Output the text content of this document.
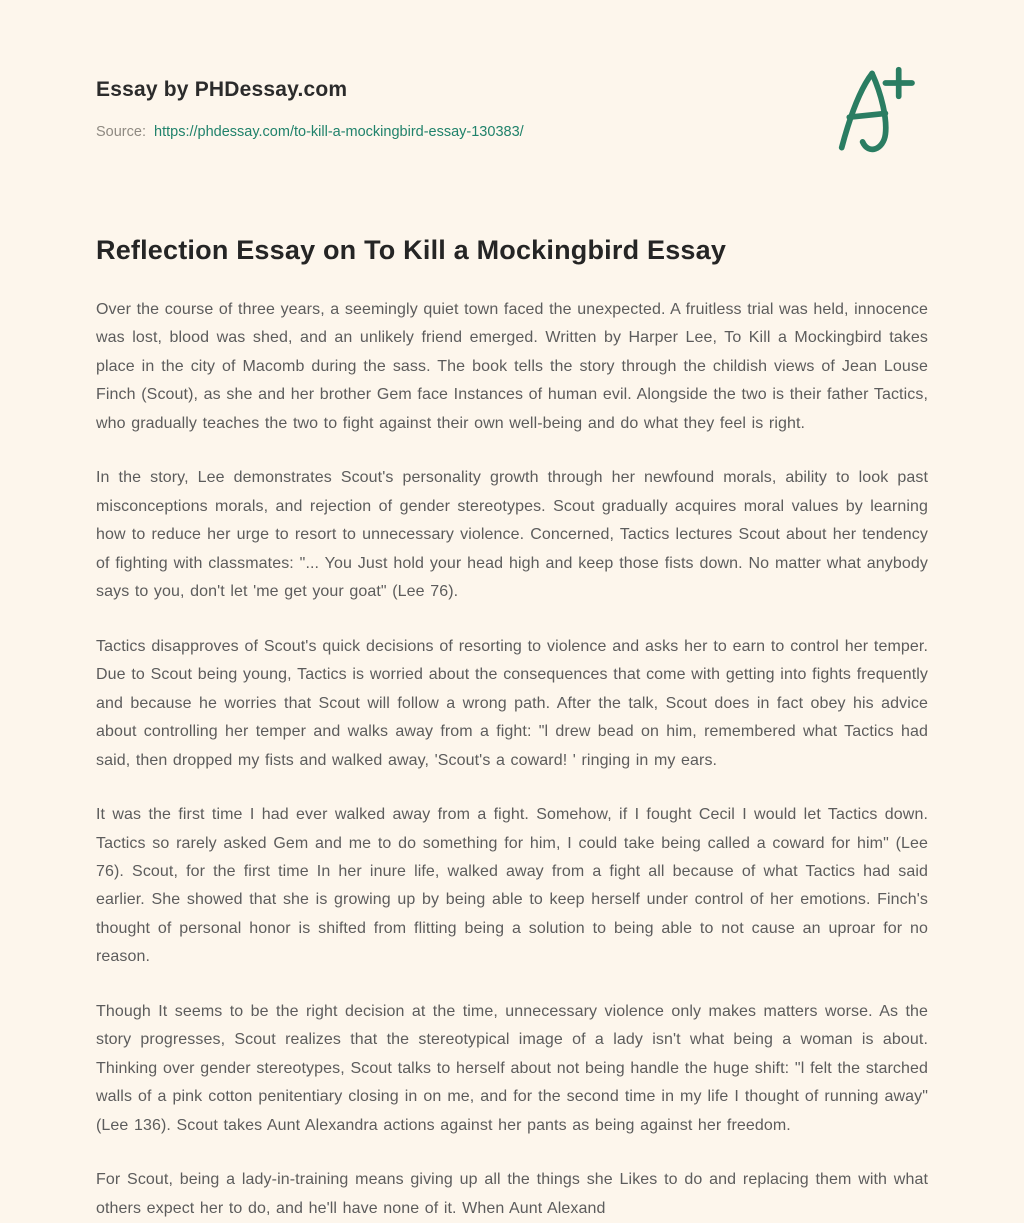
Essay by PHDessay.com
Source: https://phdessay.com/to-kill-a-mockingbird-essay-130383/
Reflection Essay on To Kill a Mockingbird Essay

Over the course of three years, a seemingly quiet town faced the unexpected. A fruitless trial was held, innocence was lost, blood was shed, and an unlikely friend emerged. Written by Harper Lee, To Kill a Mockingbird takes place in the city of Macomb during the sass. The book tells the story through the childish views of Jean Louse Finch (Scout), as she and her brother Gem face Instances of human evil. Alongside the two is their father Tactics, who gradually teaches the two to fight against their own well-being and do what they feel is right.

In the story, Lee demonstrates Scout's personality growth through her newfound morals, ability to look past misconceptions morals, and rejection of gender stereotypes. Scout gradually acquires moral values by learning how to reduce her urge to resort to unnecessary violence. Concerned, Tactics lectures Scout about her tendency of fighting with classmates: "... You Just hold your head high and keep those fists down. No matter what anybody says to you, don't let 'me get your goat" (Lee 76).

Tactics disapproves of Scout's quick decisions of resorting to violence and asks her to earn to control her temper. Due to Scout being young, Tactics is worried about the consequences that come with getting into fights frequently and because he worries that Scout will follow a wrong path. After the talk, Scout does in fact obey his advice about controlling her temper and walks away from a fight: "l drew bead on him, remembered what Tactics had said, then dropped my fists and walked away, 'Scout's a coward! ' ringing in my ears.

It was the first time I had ever walked away from a fight. Somehow, if I fought Cecil I would let Tactics down. Tactics so rarely asked Gem and me to do something for him, I could take being called a coward for him" (Lee 76). Scout, for the first time In her inure life, walked away from a fight all because of what Tactics had said earlier. She showed that she is growing up by being able to keep herself under control of her emotions. Finch's thought of personal honor is shifted from flitting being a solution to being able to not cause an uproar for no reason.

Though It seems to be the right decision at the time, unnecessary violence only makes matters worse. As the story progresses, Scout realizes that the stereotypical image of a lady isn't what being a woman is about. Thinking over gender stereotypes, Scout talks to herself about not being handle the huge shift: "l felt the starched walls of a pink cotton penitentiary closing in on me, and for the second time in my life I thought of running away" (Lee 136). Scout takes Aunt Alexandra actions against her pants as being against her freedom.

For Scout, being a lady-in-training means giving up all the things she Likes to do and replacing them with what others expect her to do, and he'll have none of it. When Aunt Alexand
